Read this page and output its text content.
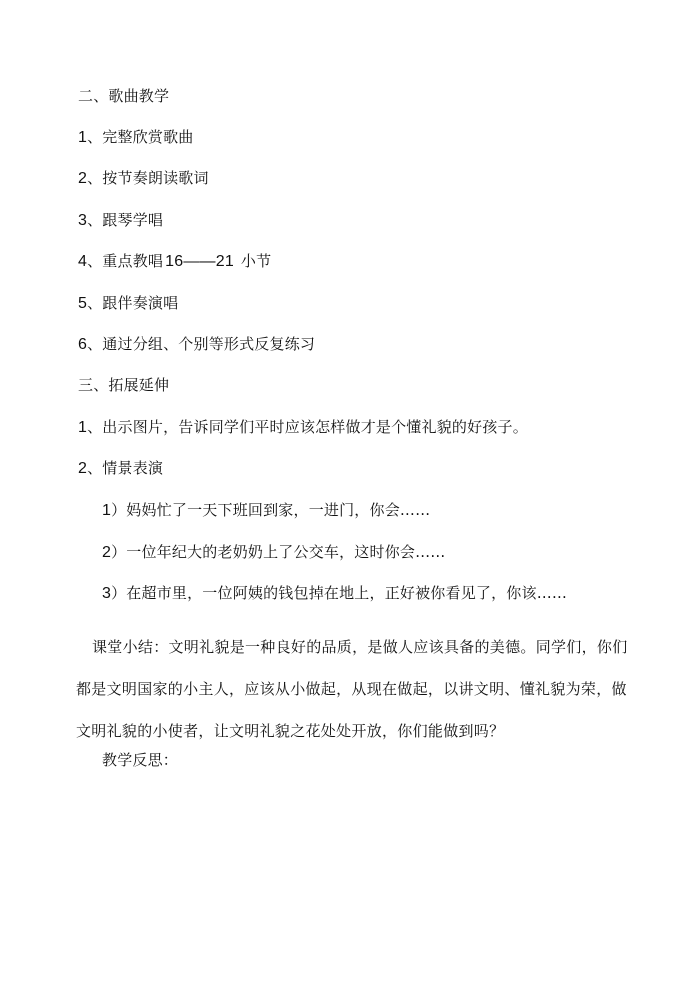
二、歌曲教学
1、完整欣赏歌曲
2、按节奏朗读歌词
3、跟琴学唱
4、重点教唱 16——21 小节
5、跟伴奏演唱
6、通过分组、个别等形式反复练习
三、拓展延伸
1、出示图片，告诉同学们平时应该怎样做才是个懂礼貌的好孩子。
2、情景表演
1）妈妈忙了一天下班回到家，一进门，你会……
2）一位年纪大的老奶奶上了公交车，这时你会……
3）在超市里，一位阿姨的钱包掉在地上，正好被你看见了，你该……
课堂小结：文明礼貌是一种良好的品质，是做人应该具备的美德。同学们，你们都是文明国家的小主人，应该从小做起，从现在做起，以讲文明、懂礼貌为荣，做文明礼貌的小使者，让文明礼貌之花处处开放，你们能做到吗？
教学反思：
